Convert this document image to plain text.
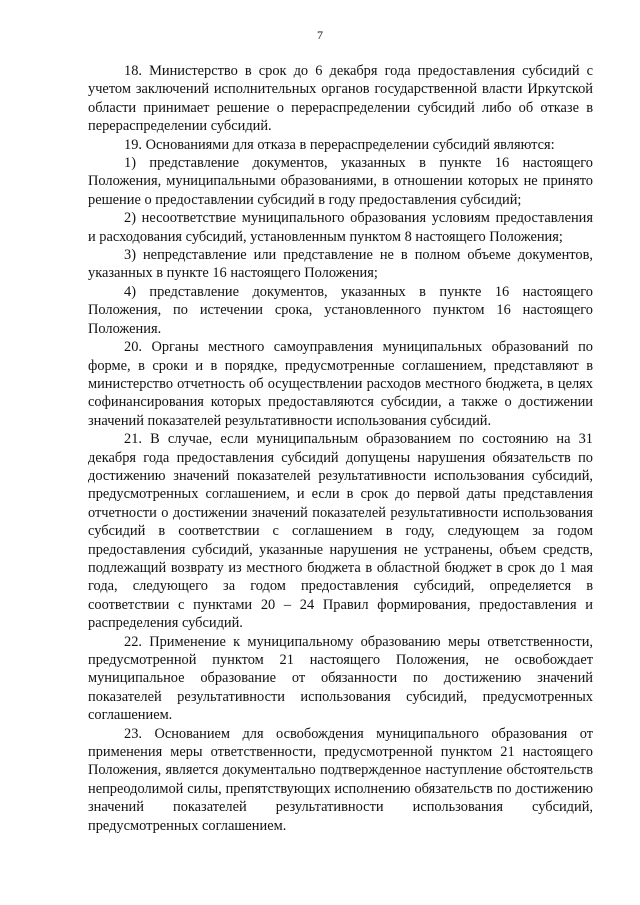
7

18. Министерство в срок до 6 декабря года предоставления субсидий с учетом заключений исполнительных органов государственной власти Иркутской области принимает решение о перераспределении субсидий либо об отказе в перераспределении субсидий.

19. Основаниями для отказа в перераспределении субсидий являются:

1) представление документов, указанных в пункте 16 настоящего Положения, муниципальными образованиями, в отношении которых не принято решение о предоставлении субсидий в году предоставления субсидий;

2) несоответствие муниципального образования условиям предоставления и расходования субсидий, установленным пунктом 8 настоящего Положения;

3) непредставление или представление не в полном объеме документов, указанных в пункте 16 настоящего Положения;

4) представление документов, указанных в пункте 16 настоящего Положения, по истечении срока, установленного пунктом 16 настоящего Положения.

20. Органы местного самоуправления муниципальных образований по форме, в сроки и в порядке, предусмотренные соглашением, представляют в министерство отчетность об осуществлении расходов местного бюджета, в целях софинансирования которых предоставляются субсидии, а также о достижении значений показателей результативности использования субсидий.

21. В случае, если муниципальным образованием по состоянию на 31 декабря года предоставления субсидий допущены нарушения обязательств по достижению значений показателей результативности использования субсидий, предусмотренных соглашением, и если в срок до первой даты представления отчетности о достижении значений показателей результативности использования субсидий в соответствии с соглашением в году, следующем за годом предоставления субсидий, указанные нарушения не устранены, объем средств, подлежащий возврату из местного бюджета в областной бюджет в срок до 1 мая года, следующего за годом предоставления субсидий, определяется в соответствии с пунктами 20 – 24 Правил формирования, предоставления и распределения субсидий.

22. Применение к муниципальному образованию меры ответственности, предусмотренной пунктом 21 настоящего Положения, не освобождает муниципальное образование от обязанности по достижению значений показателей результативности использования субсидий, предусмотренных соглашением.

23. Основанием для освобождения муниципального образования от применения меры ответственности, предусмотренной пунктом 21 настоящего Положения, является документально подтвержденное наступление обстоятельств непреодолимой силы, препятствующих исполнению обязательств по достижению значений показателей результативности использования субсидий, предусмотренных соглашением.
